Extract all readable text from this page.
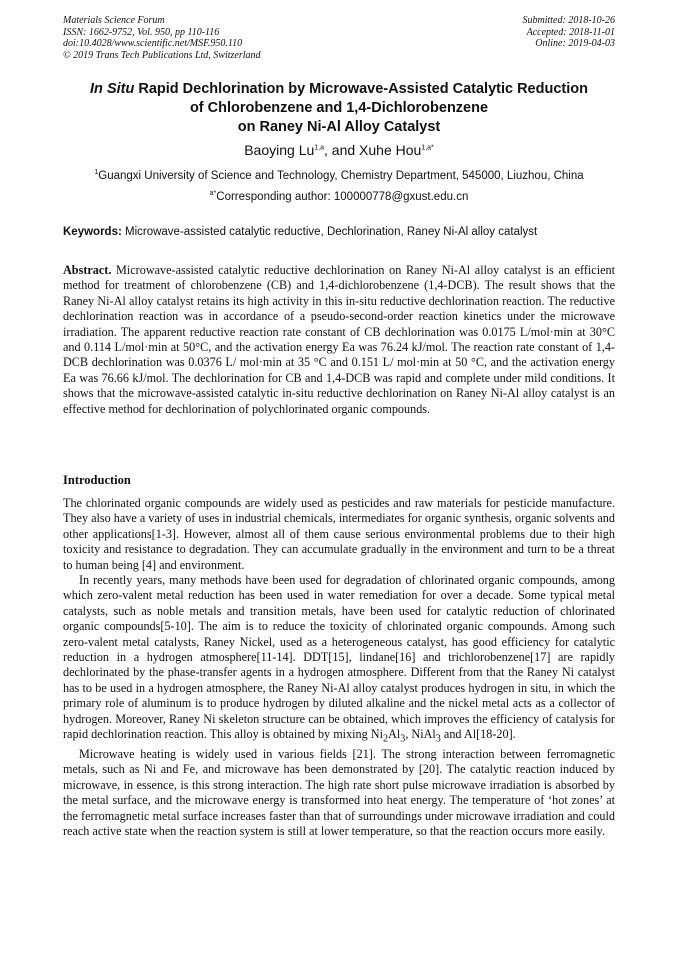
Materials Science Forum
ISSN: 1662-9752, Vol. 950, pp 110-116
doi:10.4028/www.scientific.net/MSF.950.110
© 2019 Trans Tech Publications Ltd, Switzerland
Submitted: 2018-10-26
Accepted: 2018-11-01
Online: 2019-04-03
In Situ Rapid Dechlorination by Microwave-Assisted Catalytic Reduction
of Chlorobenzene and 1,4-Dichlorobenzene
on Raney Ni-Al Alloy Catalyst
Baoying Lu$^{1,a}$, and Xuhe Hou$^{1,a*}$
$^1$Guangxi University of Science and Technology, Chemistry Department, 545000, Liuzhou, China
$^{a*}$Corresponding author: 100000778@gxust.edu.cn
Keywords: Microwave-assisted catalytic reductive, Dechlorination, Raney Ni-Al alloy catalyst

Abstract. Microwave-assisted catalytic reductive dechlorination on Raney Ni-Al alloy catalyst is an efficient method for treatment of chlorobenzene (CB) and 1,4-dichlorobenzene (1,4-DCB). The result shows that the Raney Ni-Al alloy catalyst retains its high activity in this in-situ reductive dechlorination reaction. The reductive dechlorination reaction was in accordance of a pseudo-second-order reaction kinetics under the microwave irradiation. The apparent reductive reaction rate constant of CB dechlorination was 0.0175 L/mol·min at 30°C and 0.114 L/mol·min at 50°C, and the activation energy Ea was 76.24 kJ/mol. The reaction rate constant of 1,4-DCB dechlorination was 0.0376 L/ mol·min at 35 °C and 0.151 L/ mol·min at 50 °C, and the activation energy Ea was 76.66 kJ/mol. The dechlorination for CB and 1,4-DCB was rapid and complete under mild conditions. It shows that the microwave-assisted catalytic in-situ reductive dechlorination on Raney Ni-Al alloy catalyst is an effective method for dechlorination of polychlorinated organic compounds.

Introduction

The chlorinated organic compounds are widely used as pesticides and raw materials for pesticide manufacture. They also have a variety of uses in industrial chemicals, intermediates for organic synthesis, organic solvents and other applications[1-3]. However, almost all of them cause serious environmental problems due to their high toxicity and resistance to degradation. They can accumulate gradually in the environment and turn to be a threat to human being [4] and environment.

In recently years, many methods have been used for degradation of chlorinated organic compounds, among which zero-valent metal reduction has been used in water remediation for over a decade. Some typical metal catalysts, such as noble metals and transition metals, have been used for catalytic reduction of chlorinated organic compounds[5-10]. The aim is to reduce the toxicity of chlorinated organic compounds. Among such zero-valent metal catalysts, Raney Nickel, used as a heterogeneous catalyst, has good efficiency for catalytic reduction in a hydrogen atmosphere[11-14]. DDT[15], lindane[16] and trichlorobenzene[17] are rapidly dechlorinated by the phase-transfer agents in a hydrogen atmosphere. Different from that the Raney Ni catalyst has to be used in a hydrogen atmosphere, the Raney Ni-Al alloy catalyst produces hydrogen in situ, in which the primary role of aluminum is to produce hydrogen by diluted alkaline and the nickel metal acts as a collector of hydrogen. Moreover, Raney Ni skeleton structure can be obtained, which improves the efficiency of catalysis for rapid dechlorination reaction. This alloy is obtained by mixing $Ni_2Al_3$, NiAl$_3$ and Al[18-20].

Microwave heating is widely used in various fields [21]. The strong interaction between ferromagnetic metals, such as Ni and Fe, and microwave has been demonstrated by [20]. The catalytic reaction induced by microwave, in essence, is this strong interaction. The high rate short pulse microwave irradiation is absorbed by the metal surface, and the microwave energy is transformed into heat energy. The temperature of ‘hot zones’ at the ferromagnetic metal surface increases faster than that of surroundings under microwave irradiation and could reach active state when the reaction system is still at lower temperature, so that the reaction occurs more easily.
